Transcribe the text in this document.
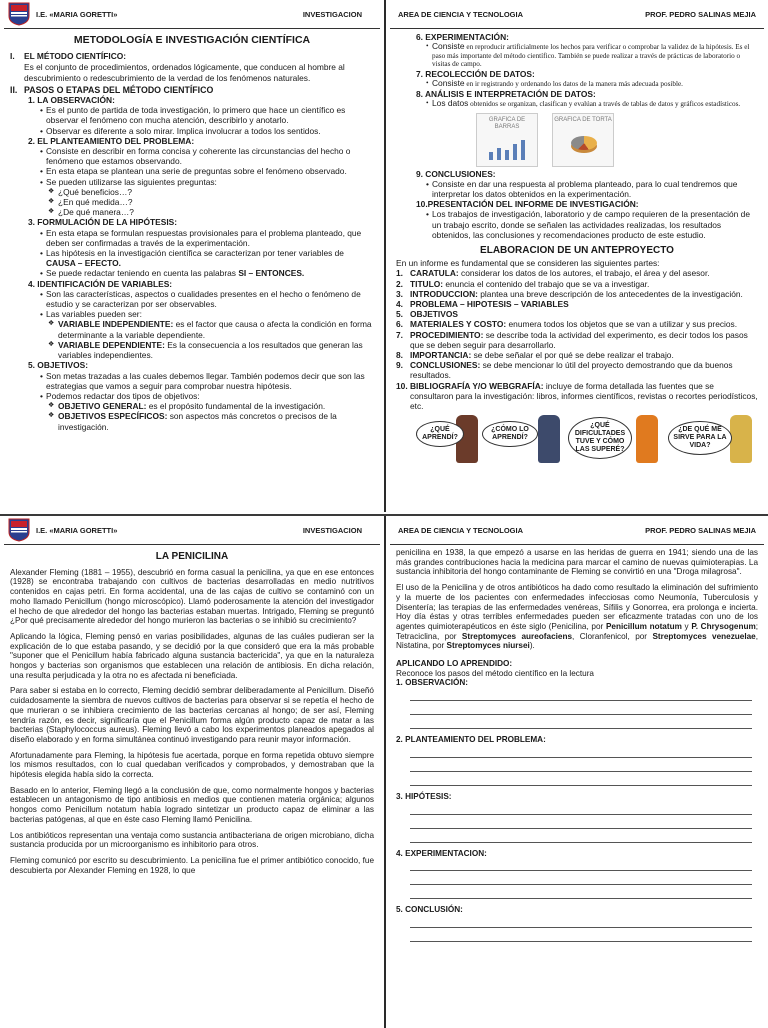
I.E. «MARIA GORETTI»	INVESTIGACION
METODOLOGÍA E INVESTIGACIÓN CIENTÍFICA
I. EL MÉTODO CIENTÍFICO:
Es el conjunto de procedimientos, ordenados lógicamente, que conducen al hombre al descubrimiento o redescubrimiento de la verdad de los fenómenos naturales.
II. PASOS O ETAPAS DEL MÉTODO CIENTÍFICO
1. LA OBSERVACIÓN:
• Es el punto de partida de toda investigación, lo primero que hace un científico es observar el fenómeno con mucha atención, describirlo y anotarlo.
• Observar es diferente a solo mirar. Implica involucrar a todos los sentidos.
2. EL PLANTEAMIENTO DEL PROBLEMA:
• Consiste en describir en forma concisa y coherente las circunstancias del hecho o fenómeno que estamos observando.
• En esta etapa se plantean una serie de preguntas sobre el fenómeno observado.
• Se pueden utilizarse las siguientes preguntas:
❖ ¿Qué beneficios…?
❖ ¿En qué medida…?
❖ ¿De qué manera…?
3. FORMULACIÓN DE LA HIPÓTESIS:
• En esta etapa se formulan respuestas provisionales para el problema planteado, que deben ser confirmadas a través de la experimentación.
• Las hipótesis en la investigación científica se caracterizan por tener variables de CAUSA – EFECTO.
• Se puede redactar teniendo en cuenta las palabras SI – ENTONCES.
4. IDENTIFICACIÓN DE VARIABLES:
• Son las características, aspectos o cualidades presentes en el hecho o fenómeno de estudio y se caracterizan por ser observables.
• Las variables pueden ser:
❖ VARIABLE INDEPENDIENTE: es el factor que causa o afecta la condición en forma determinante a la variable dependiente.
❖ VARIABLE DEPENDIENTE: Es la consecuencia a los resultados que generan las variables independientes.
5. OBJETIVOS:
• Son metas trazadas a las cuales debemos llegar. También podemos decir que son las estrategias que vamos a seguir para comprobar nuestra hipótesis.
• Podemos redactar dos tipos de objetivos:
❖ OBJETIVO GENERAL: es el propósito fundamental de la investigación.
❖ OBJETIVOS ESPECÍFICOS: son aspectos más concretos o precisos de la investigación.
AREA DE CIENCIA Y TECNOLOGIA	PROF. PEDRO SALINAS MEJIA
6. EXPERIMENTACIÓN:
• Consiste en reproducir artificialmente los hechos para verificar o comprobar la validez de la hipótesis. Es el paso más importante del método científico. También se puede realizar a través de prácticas de laboratorio o visitas de campo.
7. RECOLECCIÓN DE DATOS:
• Consiste en ir registrando y ordenando los datos de la manera más adecuada posible.
8. ANÁLISIS E INTERPRETACIÓN DE DATOS:
• Los datos obtenidos se organizan, clasifican y evalúan a través de tablas de datos y gráficos estadísticos.
GRAFICA DE BARRAS
GRAFICA DE TORTA
9. CONCLUSIONES:
• Consiste en dar una respuesta al problema planteado, para lo cual tendremos que interpretar los datos obtenidos en la experimentación.
10.PRESENTACIÓN DEL INFORME DE INVESTIGACIÓN:
• Los trabajos de investigación, laboratorio y de campo requieren de la presentación de un trabajo escrito, donde se señalen las actividades realizadas, los resultados obtenidos, las conclusiones y recomendaciones producto de este estudio.
ELABORACION DE UN ANTEPROYECTO
En un informe es fundamental que se consideren las siguientes partes:
1. CARATULA: considerar los datos de los autores, el trabajo, el área y del asesor.
2. TITULO: enuncia el contenido del trabajo que se va a investigar.
3. INTRODUCCION: plantea una breve descripción de los antecedentes de la investigación.
4. PROBLEMA – HIPOTESIS – VARIABLES
5. OBJETIVOS
6. MATERIALES Y COSTO: enumera todos los objetos que se van a utilizar y sus precios.
7. PROCEDIMIENTO: se describe toda la actividad del experimento, es decir todos los pasos que se deben seguir para desarrollarlo.
8. IMPORTANCIA: se debe señalar el por qué se debe realizar el trabajo.
9. CONCLUSIONES: se debe mencionar lo útil del proyecto demostrando que da buenos resultados.
10. BIBLIOGRAFÍA Y/O WEBGRAFÍA: incluye de forma detallada las fuentes que se consultaron para la investigación: libros, informes científicos, revistas o recortes periodísticos, etc.
¿QUÉ APRENDÍ?
¿CÓMO LO APRENDÍ?
¿QUÉ DIFICULTADES TUVE Y CÓMO LAS SUPERÉ?
¿DE QUÉ ME SIRVE PARA LA VIDA?
I.E. «MARIA GORETTI»	INVESTIGACION
LA PENICILINA

Alexander Fleming (1881 – 1955), descubrió en forma casual la penicilina, ya que en ese entonces (1928) se encontraba trabajando con cultivos de bacterias desarrolladas en medio nutritivos contenidos en cajas petri. En forma accidental, una de las cajas de cultivo se contaminó con un moho llamado Penicillum (hongo microscópico). Llamó poderosamente la atención del investigador el hecho de que alrededor del hongo las bacterias estaban muertas. Intrigado, Fleming se preguntó ¿Por qué precisamente alrededor del hongo murieron las bacterias o se inhibió su crecimiento?

Aplicando la lógica, Fleming pensó en varias posibilidades, algunas de las cuáles pudieran ser la explicación de lo que estaba pasando, y se decidió por la que consideró que era la más probable "suponer que el Penicillum había fabricado alguna sustancia bactericida", ya que en la naturaleza hongos y bacterias son organismos que establecen una relación de antibiosis. En dicha relación, una resulta perjudicada y la otra no es afectada ni beneficiada.

Para saber si estaba en lo correcto, Fleming decidió sembrar deliberadamente al Penicillum. Diseñó cuidadosamente la siembra de nuevos cultivos de bacterias para observar si se repetía el hecho de que murieran o se inhibiera crecimiento de las bacterias cercanas al hongo; de ser así, Fleming tendría razón, es decir, significaría que el Penicillum forma algún producto capaz de matar a las bacterias (Staphylococcus aureus). Fleming llevó a cabo los experimentos planeados apegados al diseño elaborado y en forma simultánea continuó investigando para reunir mayor información.

Afortunadamente para Fleming, la hipótesis fue acertada, porque en forma repetida obtuvo siempre los mismos resultados, con lo cual quedaban verificados y comprobados, y demostraban que la hipótesis elegida había sido la correcta.

Basado en lo anterior, Fleming llegó a la conclusión de que, como normalmente hongos y bacterias establecen un antagonismo de tipo antibiosis en medios que contienen materia orgánica; algunos hongos como Penicillum notatum había logrado sintetizar un producto capaz de eliminar a las bacterias patógenas, al que en éste caso Fleming llamó Penicilina.

Los antibióticos representan una ventaja como sustancia antibacteriana de origen microbiano, dicha sustancia producida por un microorganismo es inhibitorio para otros.

Fleming comunicó por escrito su descubrimiento. La penicilina fue el primer antibiótico conocido, fue descubierta por Alexander Fleming en 1928, lo que

AREA DE CIENCIA Y TECNOLOGIA	PROF. PEDRO SALINAS MEJIA

penicilina en 1938, la que empezó a usarse en las heridas de guerra en 1941; siendo una de las más grandes contribuciones hacia la medicina para marcar el camino de nuevas quimioterapias. La sustancia inhibitoria del hongo contaminante de Fleming se convirtió en una "Droga milagrosa".

El uso de la Penicilina y de otros antibióticos ha dado como resultado la eliminación del sufrimiento y la muerte de los pacientes con enfermedades infecciosas como Neumonía, Tuberculosis y Disentería; las terapias de las enfermedades venéreas, Sífilis y Gonorrea, era prolonga e incierta. Hoy día éstas y otras terribles enfermedades pueden ser eficazmente tratadas con uno de los agentes quimioterapéuticos en éste siglo (Penicilina, por Penicillum notatum y P. Chrysogenum; Tetraciclina, por Streptomyces aureofaciens, Cloranfenicol, por Streptomyces venezuelae, Nistatina, por Streptomyces niursei).

APLICANDO LO APRENDIDO:
Reconoce los pasos del método científico en la lectura
1. OBSERVACIÓN:
2. PLANTEAMIENTO DEL PROBLEMA:
3. HIPÓTESIS:
4. EXPERIMENTACION:
5. CONCLUSIÓN:
